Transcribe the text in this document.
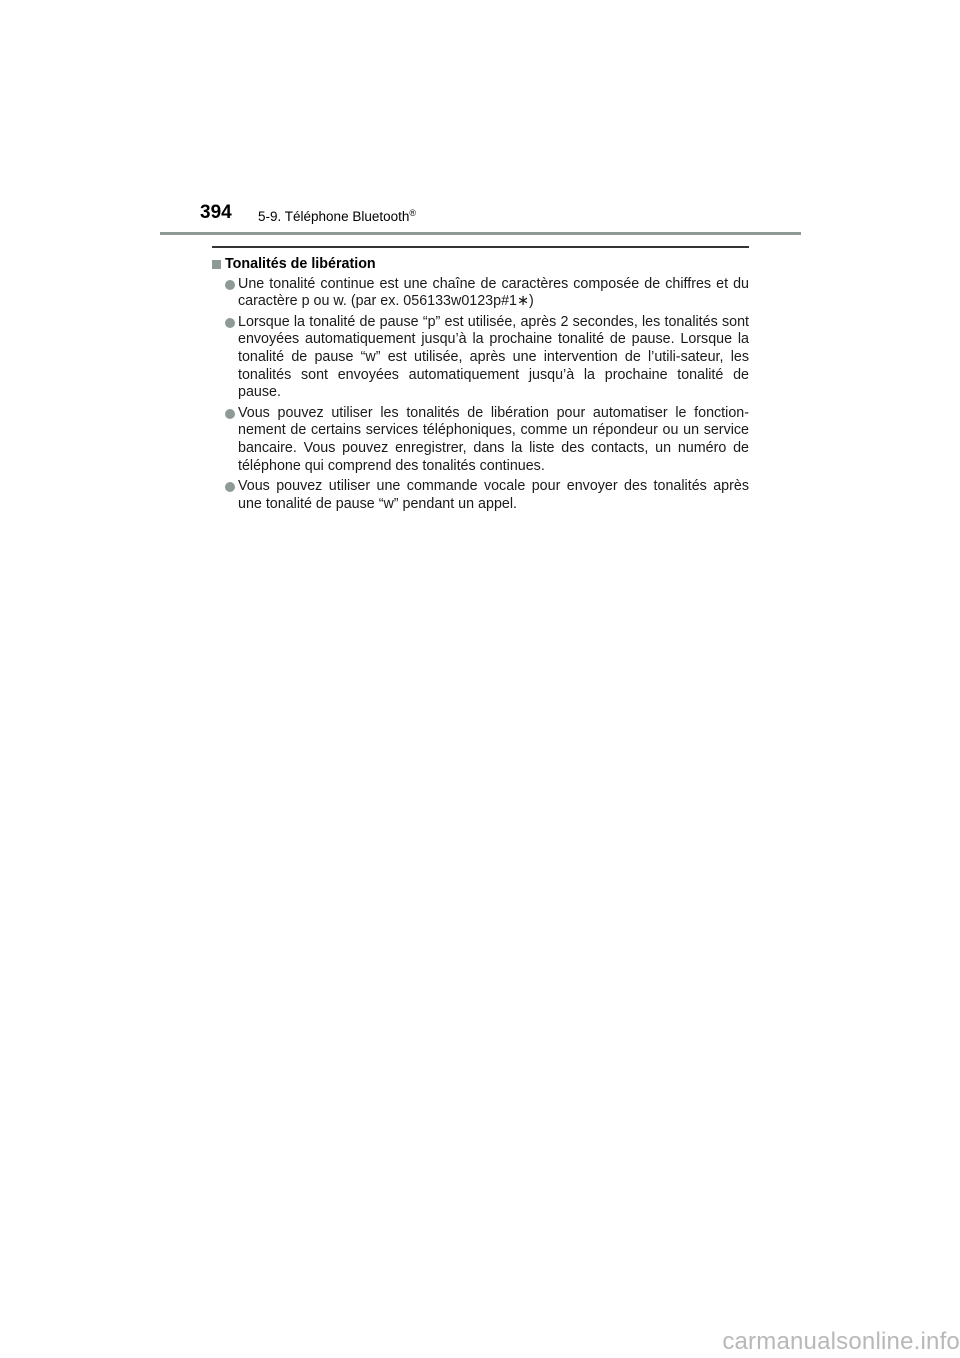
394 5-9. Téléphone Bluetooth®
Tonalités de libération
Une tonalité continue est une chaîne de caractères composée de chiffres et du caractère p ou w. (par ex. 056133w0123p#1∗)
Lorsque la tonalité de pause “p” est utilisée, après 2 secondes, les tonalités sont envoyées automatiquement jusqu’à la prochaine tonalité de pause. Lorsque la tonalité de pause “w” est utilisée, après une intervention de l’utili-sateur, les tonalités sont envoyées automatiquement jusqu’à la prochaine tonalité de pause.
Vous pouvez utiliser les tonalités de libération pour automatiser le fonction-nement de certains services téléphoniques, comme un répondeur ou un service bancaire. Vous pouvez enregistrer, dans la liste des contacts, un numéro de téléphone qui comprend des tonalités continues.
Vous pouvez utiliser une commande vocale pour envoyer des tonalités après une tonalité de pause “w” pendant un appel.
carmanualsonline.info
